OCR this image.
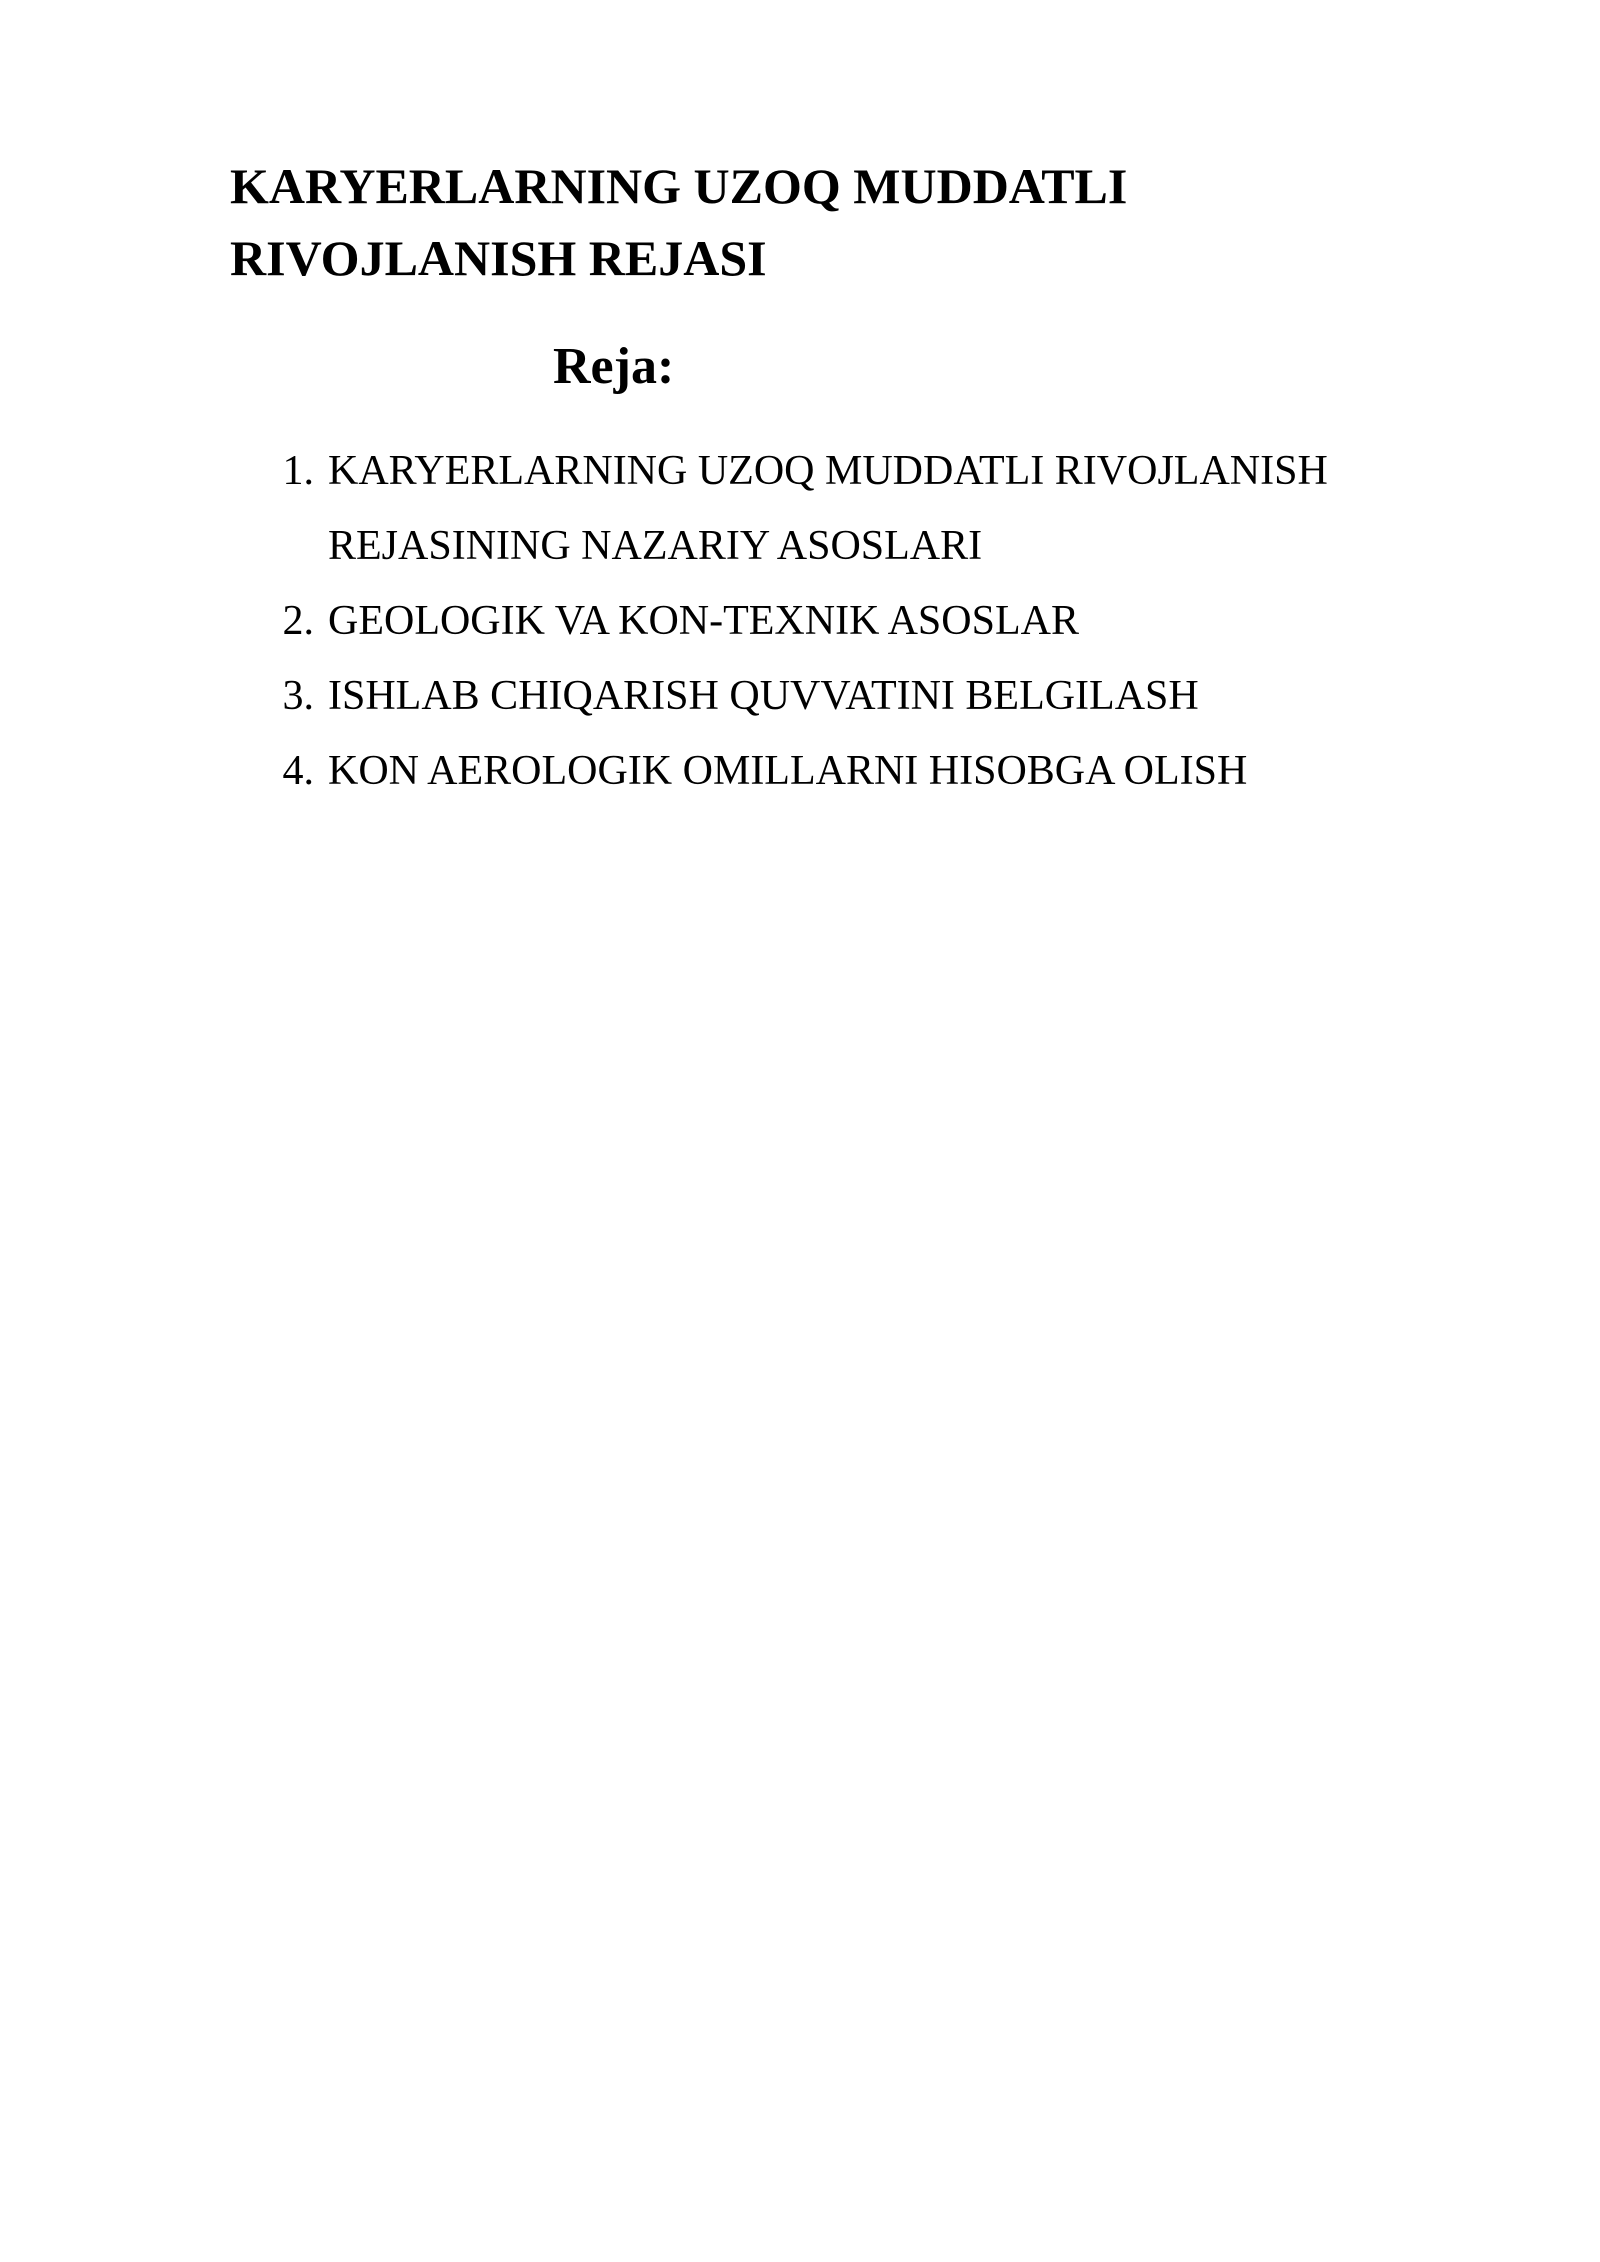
KARYERLARNING UZOQ MUDDATLI
RIVOJLANISH REJASI
Reja:
1. KARYERLARNING UZOQ MUDDATLI RIVOJLANISH REJASINING NAZARIY ASOSLARI
2. GEOLOGIK VA KON-TEXNIK ASOSLAR
3. ISHLAB CHIQARISH QUVVATINI BELGILASH
4. KON AEROLOGIK OMILLARNI HISOBGA OLISH
